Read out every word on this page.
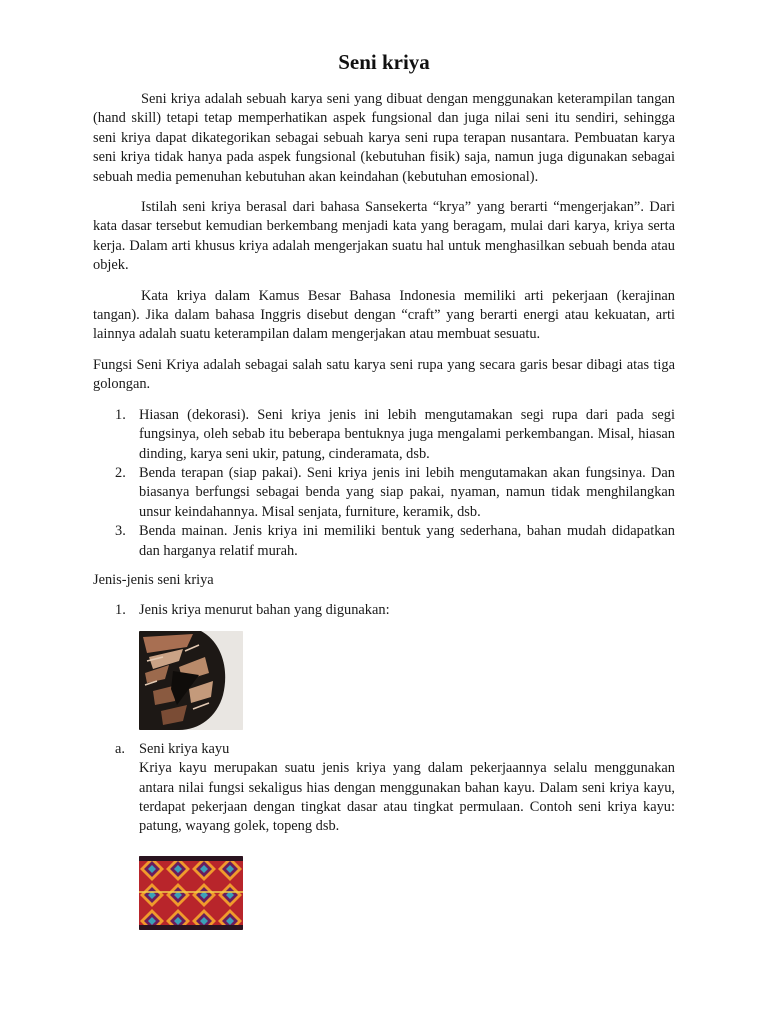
Seni kriya

Seni kriya adalah sebuah karya seni yang dibuat dengan menggunakan keterampilan tangan (hand skill) tetapi tetap memperhatikan aspek fungsional dan juga nilai seni itu sendiri, sehingga seni kriya dapat dikategorikan sebagai sebuah karya seni rupa terapan nusantara. Pembuatan karya seni kriya tidak hanya pada aspek fungsional (kebutuhan fisik) saja, namun juga digunakan sebagai sebuah media pemenuhan kebutuhan akan keindahan (kebutuhan emosional).

Istilah seni kriya berasal dari bahasa Sansekerta “krya” yang berarti “mengerjakan”. Dari kata dasar tersebut kemudian berkembang menjadi kata yang beragam, mulai dari karya, kriya serta kerja. Dalam arti khusus kriya adalah mengerjakan suatu hal untuk menghasilkan sebuah benda atau objek.

Kata kriya dalam Kamus Besar Bahasa Indonesia memiliki arti pekerjaan (kerajinan tangan). Jika dalam bahasa Inggris disebut dengan “craft” yang berarti energi atau kekuatan, arti lainnya adalah suatu keterampilan dalam mengerjakan atau membuat sesuatu.

Fungsi Seni Kriya adalah sebagai salah satu karya seni rupa yang secara garis besar dibagi atas tiga golongan.

1. Hiasan (dekorasi). Seni kriya jenis ini lebih mengutamakan segi rupa dari pada segi fungsinya, oleh sebab itu beberapa bentuknya juga mengalami perkembangan. Misal, hiasan dinding, karya seni ukir, patung, cinderamata, dsb.
2. Benda terapan (siap pakai). Seni kriya jenis ini lebih mengutamakan akan fungsinya. Dan biasanya berfungsi sebagai benda yang siap pakai, nyaman, namun tidak menghilangkan unsur keindahannya. Misal senjata, furniture, keramik, dsb.
3. Benda mainan. Jenis kriya ini memiliki bentuk yang sederhana, bahan mudah didapatkan dan harganya relatif murah.

Jenis-jenis seni kriya

1. Jenis kriya menurut bahan yang digunakan:
a. Seni kriya kayu
Kriya kayu merupakan suatu jenis kriya yang dalam pekerjaannya selalu menggunakan antara nilai fungsi sekaligus hias dengan menggunakan bahan kayu. Dalam seni kriya kayu, terdapat pekerjaan dengan tingkat dasar atau tingkat permulaan. Contoh seni kriya kayu: patung, wayang golek, topeng dsb.
